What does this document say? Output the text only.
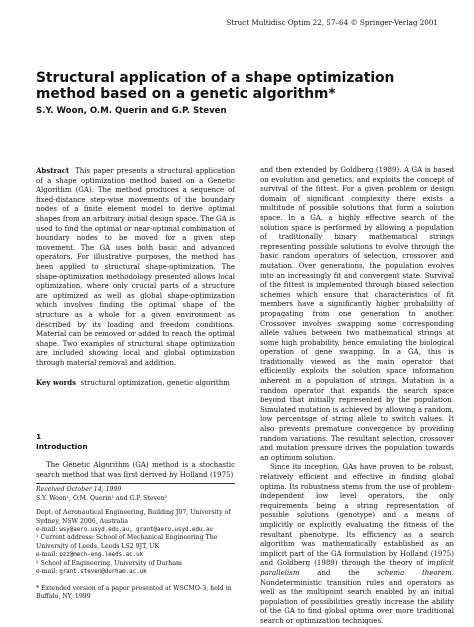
Struct Multidisc Optim 22, 57–64 © Springer-Verlag 2001
Structural application of a shape optimization method based on a genetic algorithm*
S.Y. Woon, O.M. Querin and G.P. Steven

Abstract This paper presents a structural application of a shape optimization method based on a Genetic Algorithm (GA). The method produces a sequence of fixed-distance step-wise movements of the boundary nodes of a finite element model to derive optimal shapes from an arbitrary initial design space. The GA is used to find the optimal or near-optimal combination of boundary nodes to be moved for a given step movement. The GA uses both basic and advanced operators. For illustrative purposes, the method has been applied to structural shape-optimization. The shape-optimization methodology presented allows local optimization, where only crucial parts of a structure are optimized as well as global shape-optimization which involves finding the optimal shape of the structure as a whole for a given environment as described by its loading and freedom conditions. Material can be removed or added to reach the optimal shape. Two examples of structural shape optimization are included showing local and global optimization through material removal and addition.

Key words structural optimization, genetic algorithm

1
Introduction

The Genetic Algorithm (GA) method is a stochastic search method that was first derived by Holland (1975)

Received October 14, 1999
S.Y. Woon¹, O.M. Querin¹ and G.P. Steven²
Dept. of Aeronautical Engineering, Building J07, University of Sydney, NSW 2006, Australia
e-mail: wsy@aero.usyd.edu.au, grant@aero.usyd.edu.au
¹ Current address: School of Mechanical Engineering The University of Leeds, Leeds LS2 9JT, UK
e-mail: ozz@mech-eng.leeds.ac.uk
² School of Engineering, University of Durham
e-mail: grant.steven@durham.ac.uk
* Extended version of a paper presented at WSCMO-3, held in Buffalo, NY, 1999

and then extended by Goldberg (1989). A GA is based on evolution and genetics, and exploits the concept of survival of the fittest. For a given problem or design domain of significant complexity there exists a multitude of possible solutions that form a solution space. In a GA, a highly effective search of the solution space is performed by allowing a population of traditionally binary mathematical strings representing possible solutions to evolve through the basic random operators of selection, crossover and mutation. Over generations, the population evolves into an increasingly fit and convergent state. Survival of the fittest is implemented through biased selection schemes which ensure that characteristics of fit members have a significantly higher probability of propagating from one generation to another. Crossover involves swapping some corresponding allele values between two mathematical strings at some high probability, hence emulating the biological operation of gene swapping. In a GA, this is traditionally viewed as the main operator that efficiently exploits the solution space information inherent in a population of strings. Mutation is a random operator that expands the search space beyond that initially represented by the population. Simulated mutation is achieved by allowing a random, low percentage of string allele to switch values. It also prevents premature convergence by providing random variations. The resultant selection, crossover and mutation pressure drives the population towards an optimum solution.

Since its inception, GAs have proven to be robust, relatively efficient and effective in finding global optima. Its robustness stems from the use of problem-independent low level operators, the only requirements being a string representation of possible solutions (genotype) and a means of implicitly or explicitly evaluating the fitness of the resultant phenotype. Its efficiency as a search algorithm was mathematically established as an implicit part of the GA formulation by Holland (1975) and Goldberg (1989) through the theory of implicit parallelism and the schema theorem. Nondeterministic transition rules and operators as well as the multipoint search enabled by an initial population of possibilities greatly increase the ability of the GA to find global optima over more traditional search or optimization techniques.
